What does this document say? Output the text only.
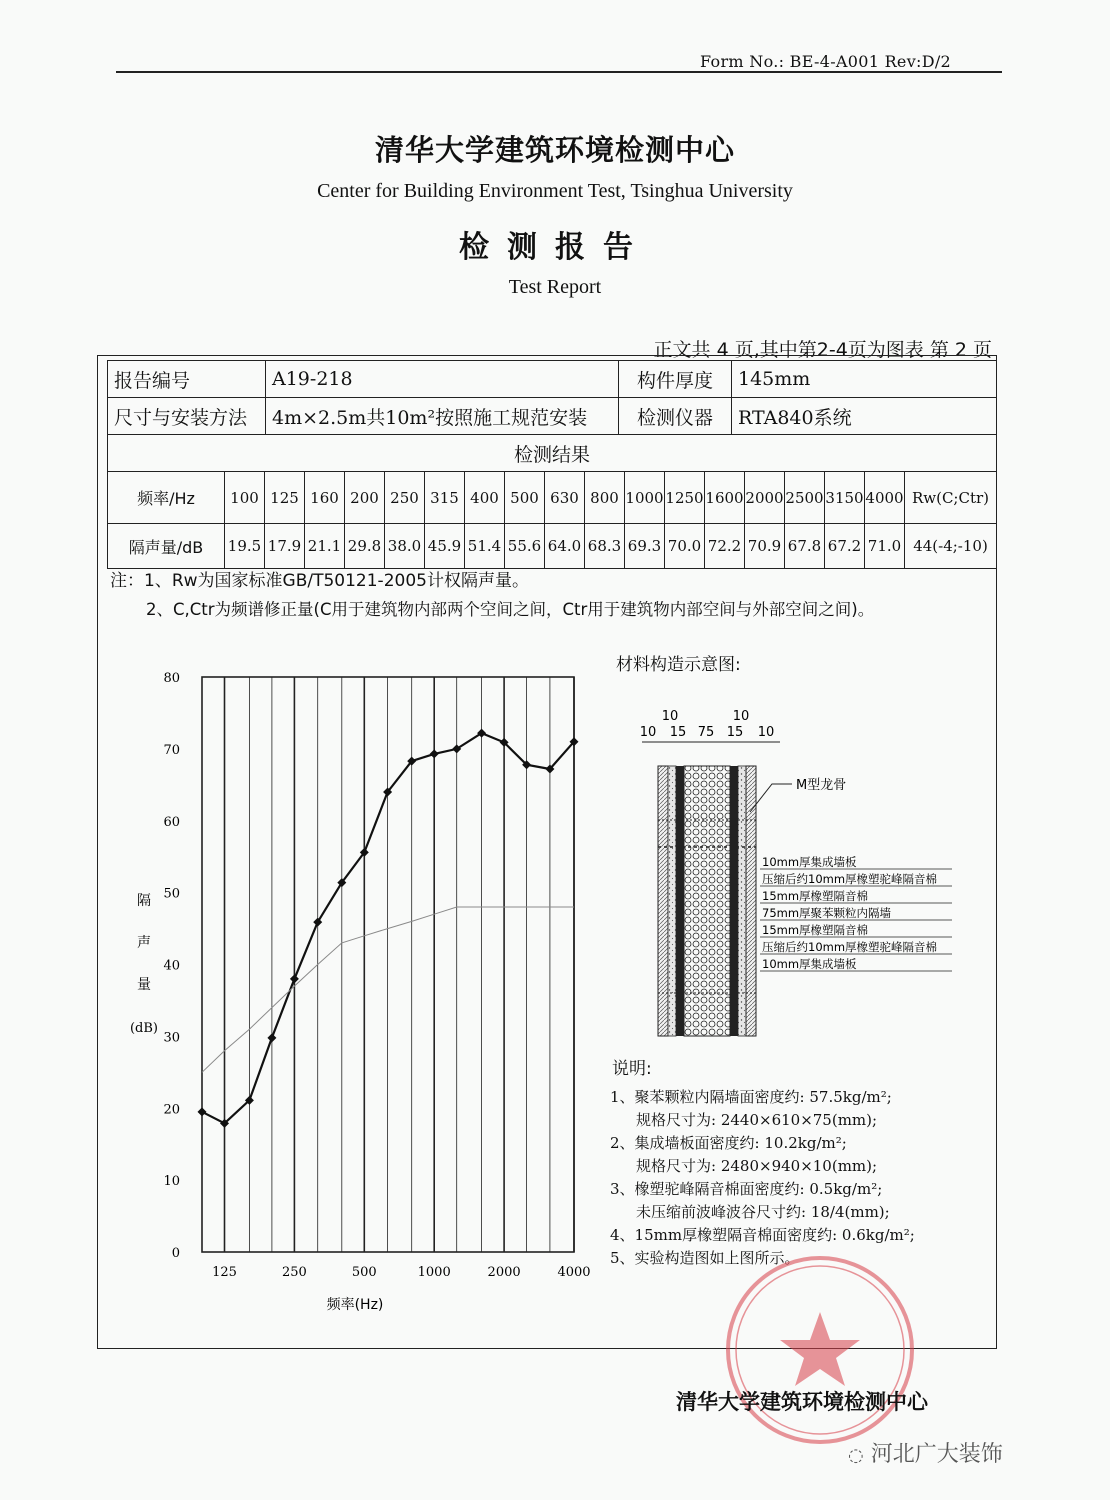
Form No.: BE-4-A001 Rev:D/2
清华大学建筑环境检测中心
Center for Building Environment Test, Tsinghua University
检测报告
Test Report
正文共 4 页,其中第2-4页为图表 第 2 页
报告编号	A19-218	构件厚度	145mm
尺寸与安装方法	4m×2.5m共10m²按照施工规范安装	检测仪器	RTA840系统
检测结果			
频率/Hz	100	125	160	200	250	315	400	500	630	800	1000	1250	1600	2000	2500	3150	4000	Rw(C;Ctr)
隔声量/dB	19.5	17.9	21.1	29.8	38.0	45.9	51.4	55.6	64.0	68.3	69.3	70.0	72.2	70.9	67.8	67.2	71.0	44(-4;-10)
注：1、Rw为国家标准GB/T50121-2005计权隔声量。
2、C,Ctr为频谱修正量(C用于建筑物内部两个空间之间，Ctr用于建筑物内部空间与外部空间之间)。
0
10
20
30
40
50
60
70
80
125	250	500	1000	2000	4000
隔
声
量
(dB)
频率(Hz)
材料构造示意图:
10	10
10 15 75 15 10
M型龙骨
10mm厚集成墙板
压缩后约10mm厚橡塑驼峰隔音棉
15mm厚橡塑隔音棉
75mm厚聚苯颗粒内隔墙
15mm厚橡塑隔音棉
压缩后约10mm厚橡塑驼峰隔音棉
10mm厚集成墙板
说明:
1、聚苯颗粒内隔墙面密度约: 57.5kg/m²;
规格尺寸为: 2440×610×75(mm);
2、集成墙板面密度约: 10.2kg/m²;
规格尺寸为: 2480×940×10(mm);
3、橡塑驼峰隔音棉面密度约: 0.5kg/m²;
未压缩前波峰波谷尺寸约: 18/4(mm);
4、15mm厚橡塑隔音棉面密度约: 0.6kg/m²;
5、实验构造图如上图所示。
清华大学建筑环境检测中心
◌ 河北广大装饰
